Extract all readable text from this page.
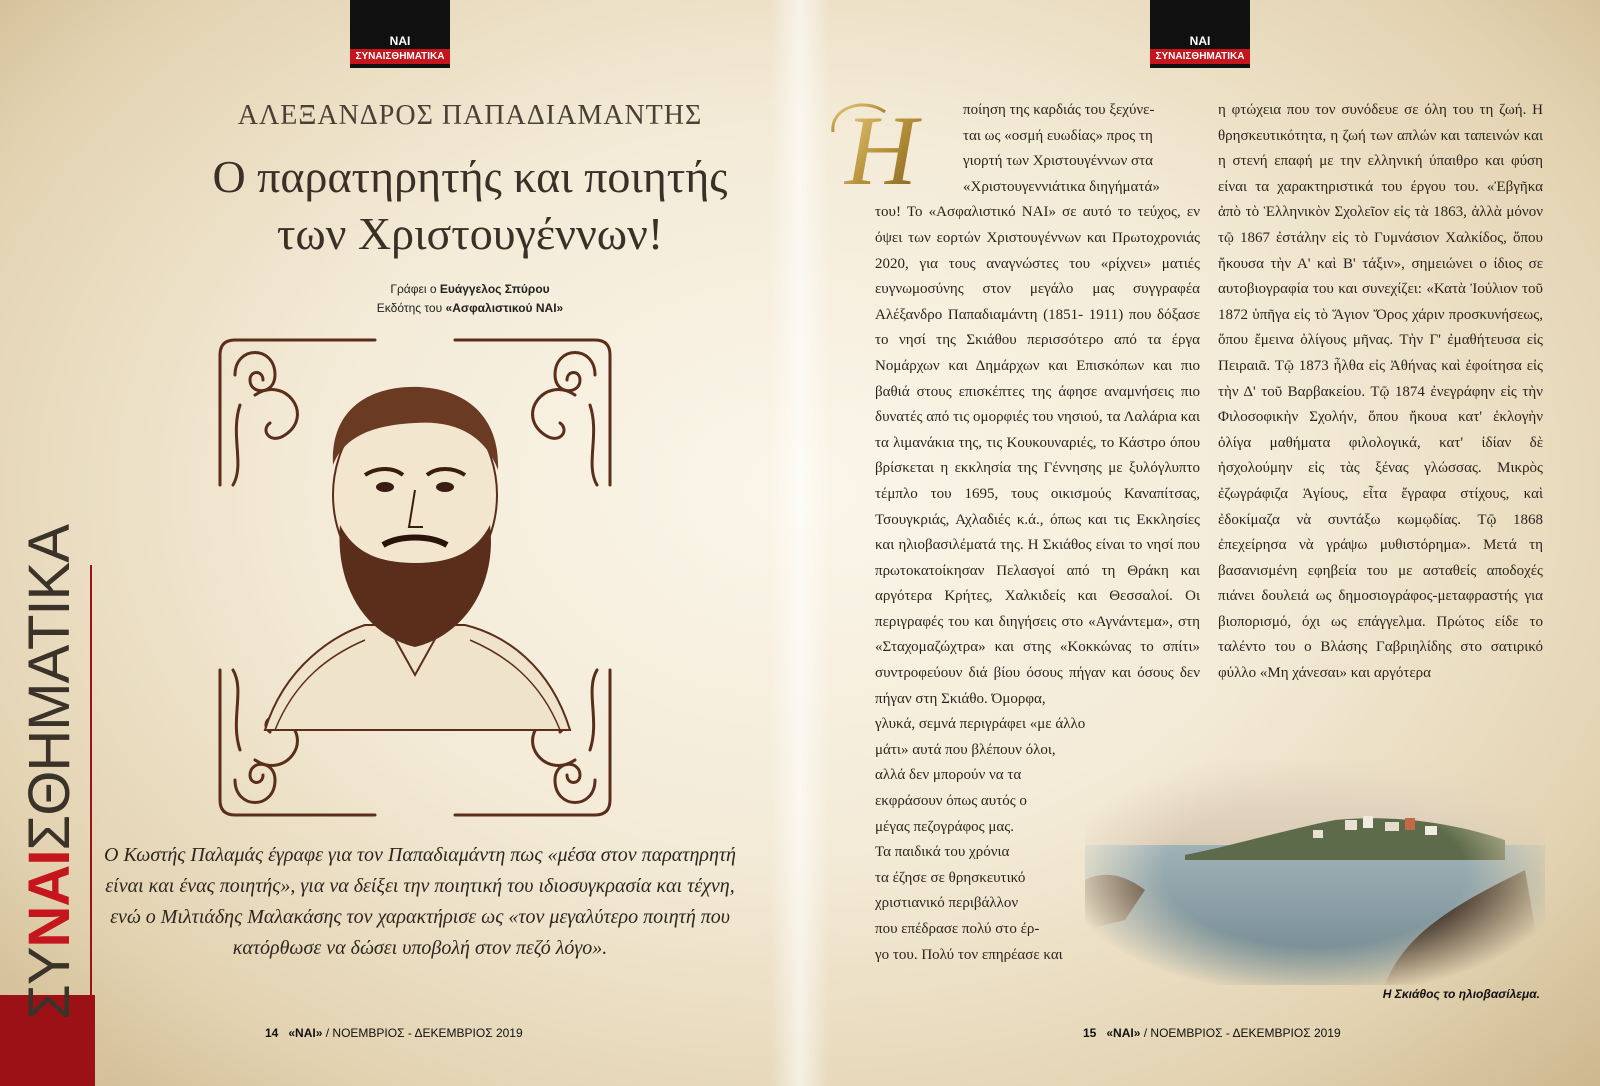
ΝΑΙ
ΣΥΝΑΙΣΘΗΜΑΤΙΚΑ
ΝΑΙ
ΣΥΝΑΙΣΘΗΜΑΤΙΚΑ
ΑΛΕΞΑΝΔΡΟΣ ΠΑΠΑΔΙΑΜΑΝΤΗΣ
Ο παρατηρητής και ποιητής
των Χριστουγέννων!
Γράφει ο Ευάγγελος Σπύρου
Εκδότης του «Ασφαλιστικού ΝΑΙ»
Ο Κωστής Παλαμάς έγραφε για τον Παπαδιαμάντη πως «μέσα στον παρατηρητή είναι και ένας ποιητής», για να δείξει την ποιητική του ιδιοσυγκρασία και τέχνη, ενώ ο Μιλτιάδης Μαλακάσης τον χαρακτήρισε ως «τον μεγαλύτερο ποιητή που κατόρθωσε να δώσει υποβολή στον πεζό λόγο».
ΣΥΝΑΙΣΘΗΜΑΤΙΚΑ
14 «ΝΑΙ» / ΝΟΕΜΒΡΙΟΣ - ΔΕΚΕΜΒΡΙΟΣ 2019
Η	ποίηση της καρδιάς του ξεχύνε-
ται ως «οσμή ευωδίας» προς τη
γιορτή των Χριστουγέννων στα
«Χριστουγεννιάτικα διηγήματά»
του! Το «Ασφαλιστικό ΝΑΙ» σε αυτό το τεύχος, εν όψει των εορτών Χριστουγέννων και Πρωτοχρονιάς 2020, για τους αναγνώστες του «ρίχνει» ματιές ευγνωμοσύνης στον μεγάλο μας συγγραφέα Αλέξανδρο Παπαδιαμάντη (1851- 1911) που δόξασε το νησί της Σκιάθου περισσότερο από τα έργα Νομάρχων και Δημάρχων και Επισκόπων και πιο βαθιά στους επισκέπτες της άφησε αναμνήσεις πιο δυνατές από τις ομορφιές του νησιού, τα Λαλάρια και τα λιμανάκια της, τις Κουκουναριές, το Κάστρο όπου βρίσκεται η εκκλησία της Γέννησης με ξυλόγλυπτο τέμπλο του 1695, τους οικισμούς Καναπίτσας, Τσουγκριάς, Αχλαδιές κ.ά., όπως και τις Εκκλησίες και ηλιοβασιλέματά της. Η Σκιάθος είναι το νησί που πρωτοκατοίκησαν Πελασγοί από τη Θράκη και αργότερα Κρήτες, Χαλκιδείς και Θεσσαλοί. Οι περιγραφές του και διηγήσεις στο «Αγνάντεμα», στη «Σταχομαζώχτρα» και στης «Κοκκώνας το σπίτι» συντροφεύουν διά βίου όσους πήγαν και όσους δεν πήγαν στη Σκιάθο. Όμορφα,
γλυκά, σεμνά περιγράφει «με άλλο
μάτι» αυτά που βλέπουν όλοι,
αλλά δεν μπορούν να τα
εκφράσουν όπως αυτός ο
μέγας πεζογράφος μας.
Τα παιδικά του χρόνια
τα έζησε σε θρησκευτικό
χριστιανικό περιβάλλον
που επέδρασε πολύ στο έρ-
γο του. Πολύ τον επηρέασε και
η φτώχεια που τον συνόδευε σε όλη του τη ζωή. Η θρησκευτικότητα, η ζωή των απλών και ταπεινών και η στενή επαφή με την ελληνική ύπαιθρο και φύση είναι τα χαρακτηριστικά του έργου του. «Ἐβγῆκα ἀπὸ τὸ Ἑλληνικὸν Σχολεῖον εἰς τὰ 1863, ἀλλὰ μόνον τῷ 1867 ἐστάλην εἰς τὸ Γυμνάσιον Χαλκίδος, ὅπου ἤκουσα τὴν Α' καὶ Β' τάξιν», σημειώνει ο ίδιος σε αυτοβιογραφία του και συνεχίζει: «Κατὰ Ἰούλιον τοῦ 1872 ὑπῆγα εἰς τὸ Ἅγιον Ὄρος χάριν προσκυνήσεως, ὅπου ἔμεινα ὀλίγους μῆνας. Τὴν Γ' ἐμαθήτευσα εἰς Πειραιᾶ. Τῷ 1873 ἦλθα εἰς Ἀθήνας καὶ ἐφοίτησα εἰς τὴν Δ' τοῦ Βαρβακείου. Τῷ 1874 ἐνεγράφην εἰς τὴν Φιλοσοφικὴν Σχολήν, ὅπου ἤκουα κατ' ἐκλογὴν ὀλίγα μαθήματα φιλολογικά, κατ' ἰδίαν δὲ ἠσχολούμην εἰς τὰς ξένας γλώσσας. Μικρὸς ἐζωγράφιζα Ἁγίους, εἶτα ἔγραφα στίχους, καὶ ἐδοκίμαζα νὰ συντάξω κωμῳδίας. Τῷ 1868 ἐπεχείρησα νὰ γράψω μυθιστόρημα». Μετά τη βασανισμένη εφηβεία του με ασταθείς αποδοχές πιάνει δουλειά ως δημοσιογράφος-μεταφραστής για βιοπορισμό, όχι ως επάγγελμα. Πρώτος είδε το ταλέντο του ο Βλάσης Γαβριηλίδης στο σατιρικό φύλλο «Μη χάνεσαι» και αργότερα
Η Σκιάθος το ηλιοβασίλεμα.
15 «ΝΑΙ» / ΝΟΕΜΒΡΙΟΣ - ΔΕΚΕΜΒΡΙΟΣ 2019
